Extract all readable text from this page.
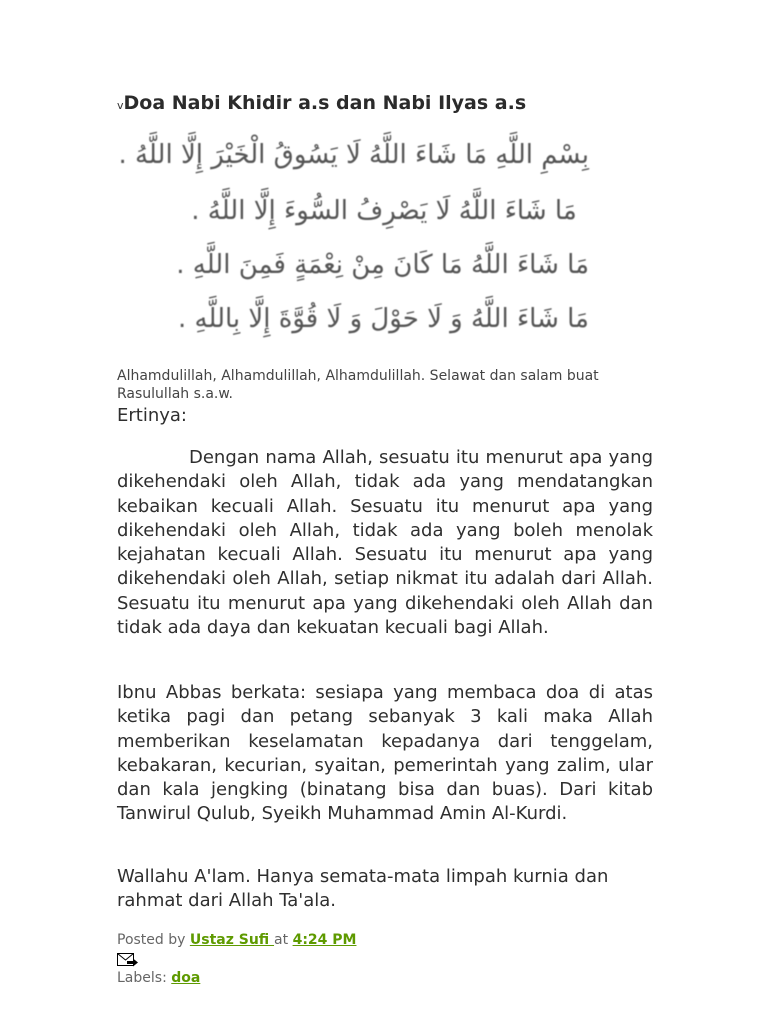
vDoa Nabi Khidir a.s dan Nabi Ilyas a.s
بِسْمِ اللَّهِ مَا شَاءَ اللَّهُ لَا يَسُوقُ الْخَيْرَ إِلَّا اللَّهُ .
مَا شَاءَ اللَّهُ لَا يَصْرِفُ السُّوءَ إِلَّا اللَّهُ .
مَا شَاءَ اللَّهُ مَا كَانَ مِنْ نِعْمَةٍ فَمِنَ اللَّهِ .
مَا شَاءَ اللَّهُ وَ لَا حَوْلَ وَ لَا قُوَّةَ إِلَّا بِاللَّهِ .
Alhamdulillah, Alhamdulillah, Alhamdulillah. Selawat dan salam buat Rasulullah s.a.w.
Ertinya:
Dengan nama Allah, sesuatu itu menurut apa yang dikehendaki oleh Allah, tidak ada yang mendatangkan kebaikan kecuali Allah. Sesuatu itu menurut apa yang dikehendaki oleh Allah, tidak ada yang boleh menolak kejahatan kecuali Allah. Sesuatu itu menurut apa yang dikehendaki oleh Allah, setiap nikmat itu adalah dari Allah. Sesuatu itu menurut apa yang dikehendaki oleh Allah dan tidak ada daya dan kekuatan kecuali bagi Allah.
Ibnu Abbas berkata: sesiapa yang membaca doa di atas ketika pagi dan petang sebanyak 3 kali maka Allah memberikan keselamatan kepadanya dari tenggelam, kebakaran, kecurian, syaitan, pemerintah yang zalim, ular dan kala jengking (binatang bisa dan buas). Dari kitab Tanwirul Qulub, Syeikh Muhammad Amin Al-Kurdi.
Wallahu A'lam. Hanya semata-mata limpah kurnia dan rahmat dari Allah Ta'ala.
Posted by Ustaz Sufi at 4:24 PM
Labels: doa
